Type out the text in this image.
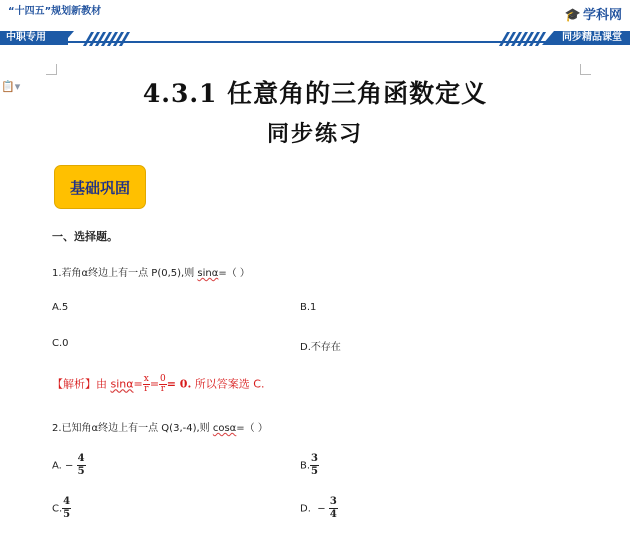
“十四五”规划新教材	🎓 学科网
中职专用	同步精品课堂
📋▾	4.3.1 任意角的三角函数定义
同步练习
基础巩固
一、选择题。
1.若角α终边上有一点 P(0,5),则 sinα=（ ）
A.5	B.1
C.0	D.不存在
【解析】由 $\sin\alpha= \frac{x}{r} = \frac{0}{r} = 0$. 所以答案选 C.
2.已知角α终边上有一点 Q(3,-4),则 cosα=（ ）
A. − $\frac{4}{5}$	B. $\frac{3}{5}$
C. $\frac{4}{5}$	D. − $\frac{3}{4}$
